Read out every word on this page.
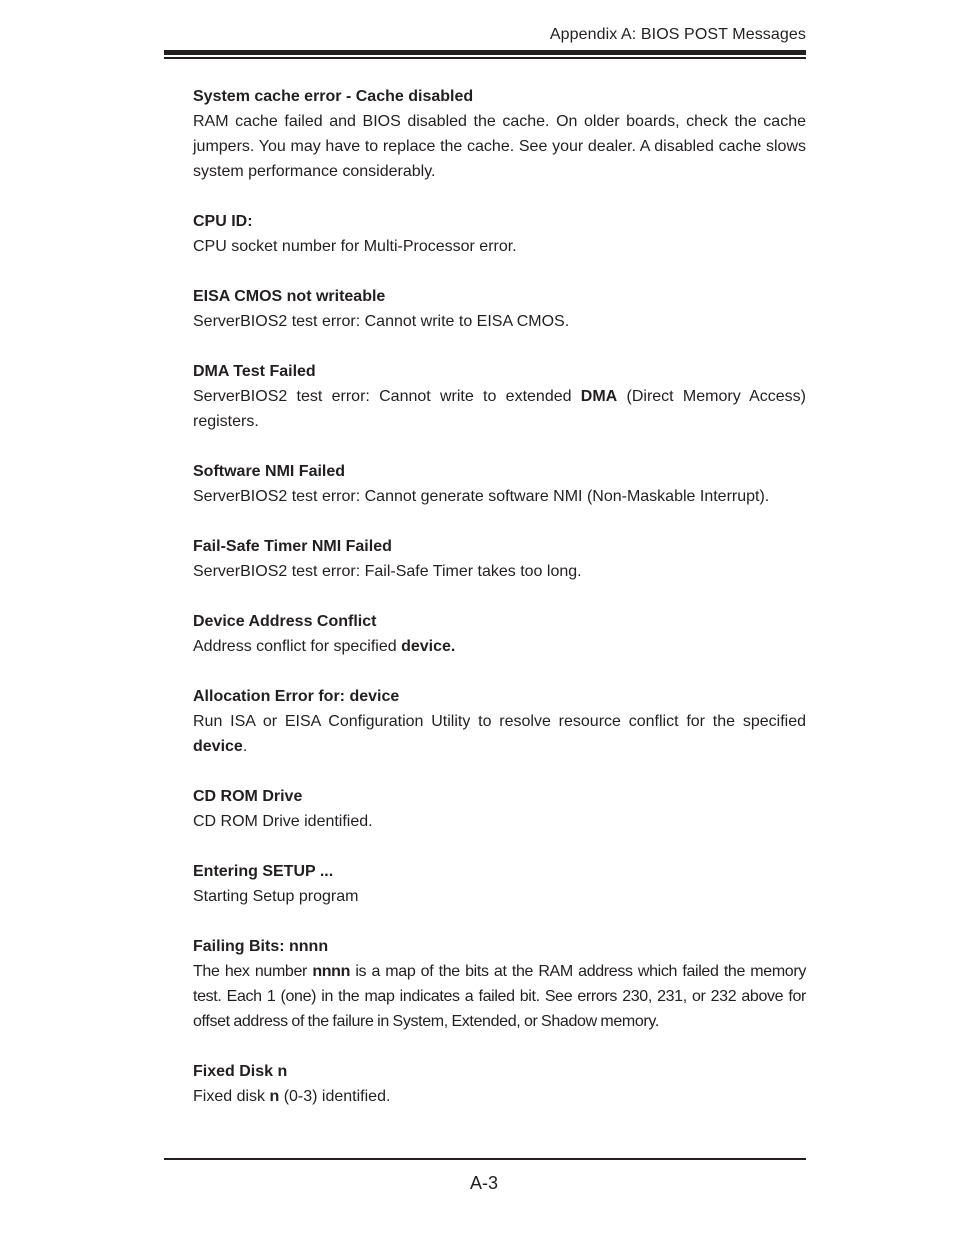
Appendix A: BIOS POST Messages

System cache error - Cache disabled

RAM cache failed and BIOS disabled the cache. On older boards, check the cache jumpers. You may have to replace the cache. See your dealer. A disabled cache slows system performance considerably.

CPU ID:

CPU socket number for Multi-Processor error.

EISA CMOS not writeable

ServerBIOS2 test error: Cannot write to EISA CMOS.

DMA Test Failed

ServerBIOS2 test error: Cannot write to extended DMA (Direct Memory Access) registers.

Software NMI Failed

ServerBIOS2 test error: Cannot generate software NMI (Non-Maskable Interrupt).

Fail-Safe Timer NMI Failed

ServerBIOS2 test error: Fail-Safe Timer takes too long.

Device Address Conflict

Address conflict for specified device.

Allocation Error for: device

Run ISA or EISA Configuration Utility to resolve resource conflict for the specified device.

CD ROM Drive

CD ROM Drive identified.

Entering SETUP ...

Starting Setup program

Failing Bits: nnnn

The hex number nnnn is a map of the bits at the RAM address which failed the memory test. Each 1 (one) in the map indicates a failed bit. See errors 230, 231, or 232 above for offset address of the failure in System, Extended, or Shadow memory.

Fixed Disk n

Fixed disk n (0-3) identified.

A-3
